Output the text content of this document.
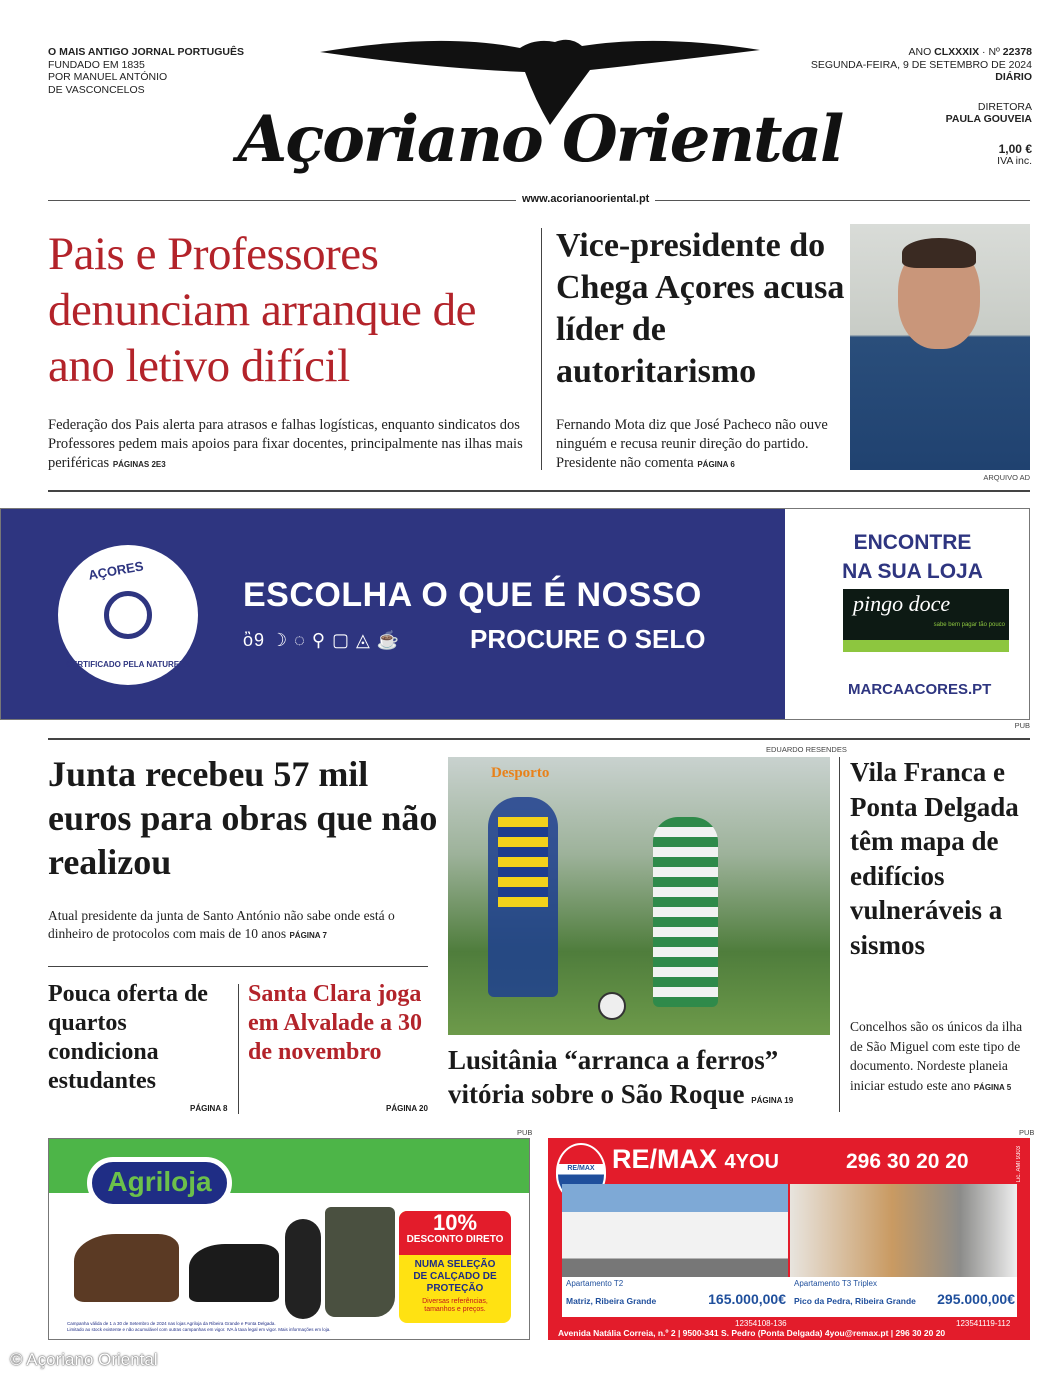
O MAIS ANTIGO JORNAL PORTUGUÊS
FUNDADO EM 1835
POR MANUEL ANTÓNIO
DE VASCONCELOS
Açoriano Oriental
ANO CLXXXIX · Nº 22378
SEGUNDA-FEIRA, 9 DE SETEMBRO DE 2024
DIÁRIO
DIRETORA
PAULA GOUVEIA
1,00 €
IVA inc.
www.acorianooriental.pt
Pais e Professores denunciam arranque de ano letivo difícil

Federação dos Pais alerta para atrasos e falhas logísticas, enquanto sindicatos dos Professores pedem mais apoios para fixar docentes, principalmente nas ilhas mais periféricas PÁGINAS 2E3

Vice-presidente do Chega Açores acusa líder de autoritarismo

Fernando Mota diz que José Pacheco não ouve ninguém e recusa reunir direção do partido. Presidente não comenta PÁGINA 6

ARQUIVO AD
AÇORES
CERTIFICADO PELA NATUREZA
ESCOLHA O QUE É NOSSO
ὂ9 ☽ ◌ ⚲ ▢ ◬ ☕	PROCURE O SELO
ENCONTRE
NA SUA LOJA
pingo doce
sabe bem pagar tão pouco
MARCAACORES.PT
PUB
Junta recebeu 57 mil euros para obras que não realizou

Atual presidente da junta de Santo António não sabe onde está o dinheiro de protocolos com mais de 10 anos PÁGINA 7

Pouca oferta de quartos condiciona estudantes
PÁGINA 8
Santa Clara joga em Alvalade a 30 de novembro
PÁGINA 20
EDUARDO RESENDES
Desporto
Lusitânia “arranca a ferros” vitória sobre o São Roque PÁGINA 19
Vila Franca e Ponta Delgada têm mapa de edifícios vulneráveis a sismos

Concelhos são os únicos da ilha de São Miguel com este tipo de documento. Nordeste planeia iniciar estudo este ano PÁGINA 5

PUB
Agriloja
10%
DESCONTO DIRETO
NUMA SELEÇÃO DE CALÇADO DE PROTEÇÃO
Diversas referências, tamanhos e preços.
Campanha válida de 1 a 30 de Setembro de 2024 nas lojas Agriloja da Ribeira Grande e Ponta Delgada.
Limitado ao stock existente e não acumulável com outras campanhas em vigor. IVA à taxa legal em vigor. Mais informações em loja.
PUB
RE/MAX RE/MAX 4YOU	296 30 20 20	Lic. AMI 9303
Apartamento T2
Matriz, Ribeira Grande	165.000,00€
12354108-136
Apartamento T3 Triplex
Pico da Pedra, Ribeira Grande 295.000,00€
123541119-112
Avenida Natália Correia, n.º 2 | 9500-341 S. Pedro (Ponta Delgada) 4you@remax.pt | 296 30 20 20
© Açoriano Oriental
